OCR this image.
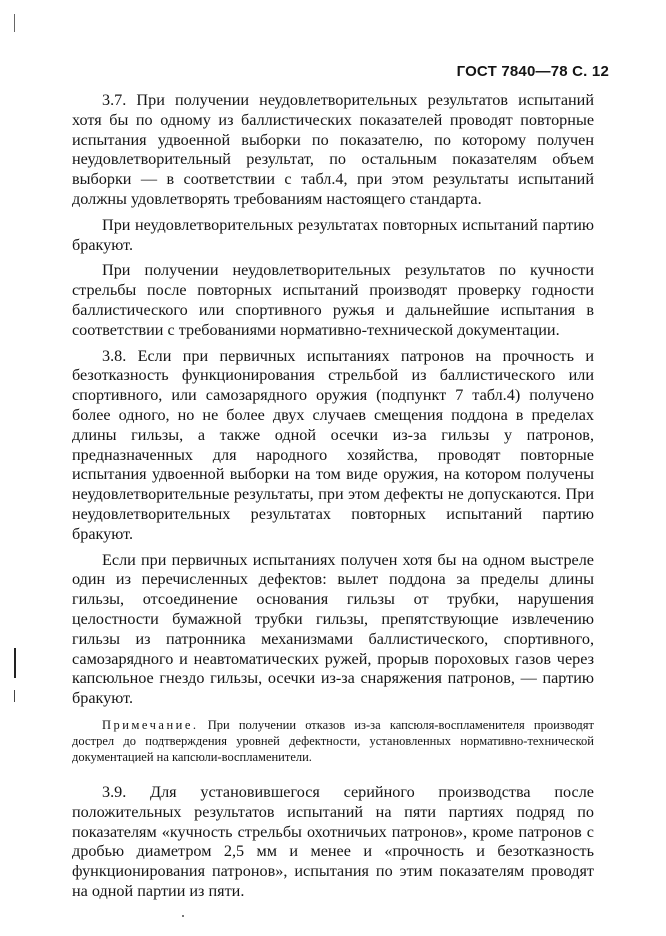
ГОСТ 7840—78 С. 12

3.7. При получении неудовлетворительных результатов испытаний хотя бы по одному из баллистических показателей проводят повторные испытания удвоенной выборки по показателю, по которому получен неудовлетворительный результат, по остальным показателям объем выборки — в соответствии с табл.4, при этом результаты испытаний должны удовлетворять требованиям настоящего стандарта.

При неудовлетворительных результатах повторных испытаний партию бракуют.

При получении неудовлетворительных результатов по кучности стрельбы после повторных испытаний производят проверку годности баллистического или спортивного ружья и дальнейшие испытания в соответствии с требованиями нормативно-технической документации.

3.8. Если при первичных испытаниях патронов на прочность и безотказность функционирования стрельбой из баллистического или спортивного, или самозарядного оружия (подпункт 7 табл.4) получено более одного, но не более двух случаев смещения поддона в пределах длины гильзы, а также одной осечки из-за гильзы у патронов, предназначенных для народного хозяйства, проводят повторные испытания удвоенной выборки на том виде оружия, на котором получены неудовлетворительные результаты, при этом дефекты не допускаются. При неудовлетворительных результатах повторных испытаний партию бракуют.

Если при первичных испытаниях получен хотя бы на одном выстреле один из перечисленных дефектов: вылет поддона за пределы длины гильзы, отсоединение основания гильзы от трубки, нарушения целостности бумажной трубки гильзы, препятствующие извлечению гильзы из патронника механизмами баллистического, спортивного, самозарядного и неавтоматических ружей, прорыв пороховых газов через капсюльное гнездо гильзы, осечки из-за снаряжения патронов, — партию бракуют.

Примечание. При получении отказов из-за капсюля-воспламенителя производят дострел до подтверждения уровней дефектности, установленных нормативно-технической документацией на капсюли-воспламенители.

3.9. Для установившегося серийного производства после положительных результатов испытаний на пяти партиях подряд по показателям «кучность стрельбы охотничьих патронов», кроме патронов с дробью диаметром 2,5 мм и менее и «прочность и безотказность функционирования патронов», испытания по этим показателям проводят на одной партии из пяти.
